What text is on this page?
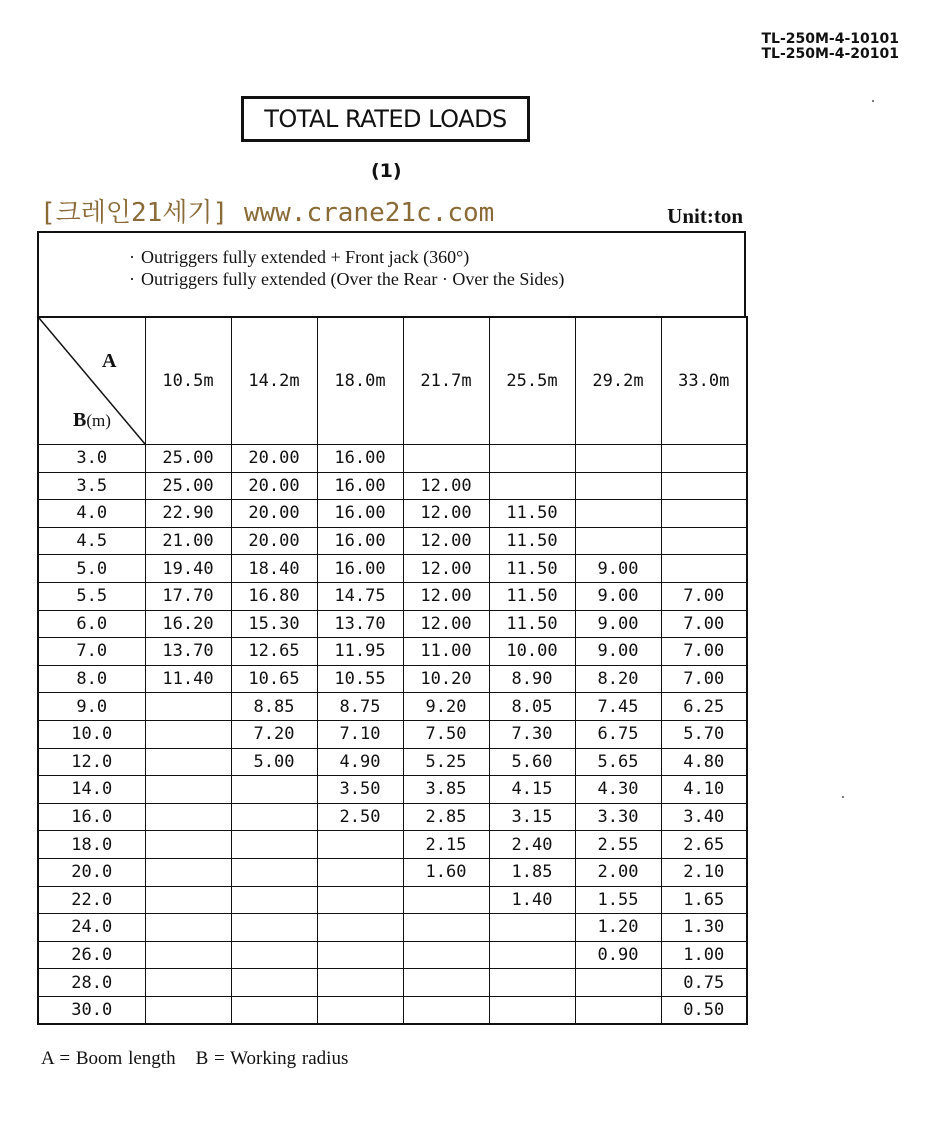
TL-250M-4-10101
TL-250M-4-20101
TOTAL RATED LOADS
(1)
[크레인21세기] www.crane21c.com	Unit:ton
· Outriggers fully extended + Front jack (360°)
· Outriggers fully extended (Over the Rear · Over the Sides)
A
B(m)	10.5m	14.2m	18.0m	21.7m	25.5m	29.2m	33.0m
3.0	25.00	20.00	16.00				
3.5	25.00	20.00	16.00	12.00			
4.0	22.90	20.00	16.00	12.00	11.50		
4.5	21.00	20.00	16.00	12.00	11.50		
5.0	19.40	18.40	16.00	12.00	11.50	9.00	
5.5	17.70	16.80	14.75	12.00	11.50	9.00	7.00
6.0	16.20	15.30	13.70	12.00	11.50	9.00	7.00
7.0	13.70	12.65	11.95	11.00	10.00	9.00	7.00
8.0	11.40	10.65	10.55	10.20	8.90	8.20	7.00
9.0		8.85	8.75	9.20	8.05	7.45	6.25
10.0		7.20	7.10	7.50	7.30	6.75	5.70
12.0		5.00	4.90	5.25	5.60	5.65	4.80
14.0			3.50	3.85	4.15	4.30	4.10
16.0			2.50	2.85	3.15	3.30	3.40
18.0				2.15	2.40	2.55	2.65
20.0				1.60	1.85	2.00	2.10
22.0					1.40	1.55	1.65
24.0						1.20	1.30
26.0						0.90	1.00
28.0							0.75
30.0							0.50
A = Boom length B = Working radius
